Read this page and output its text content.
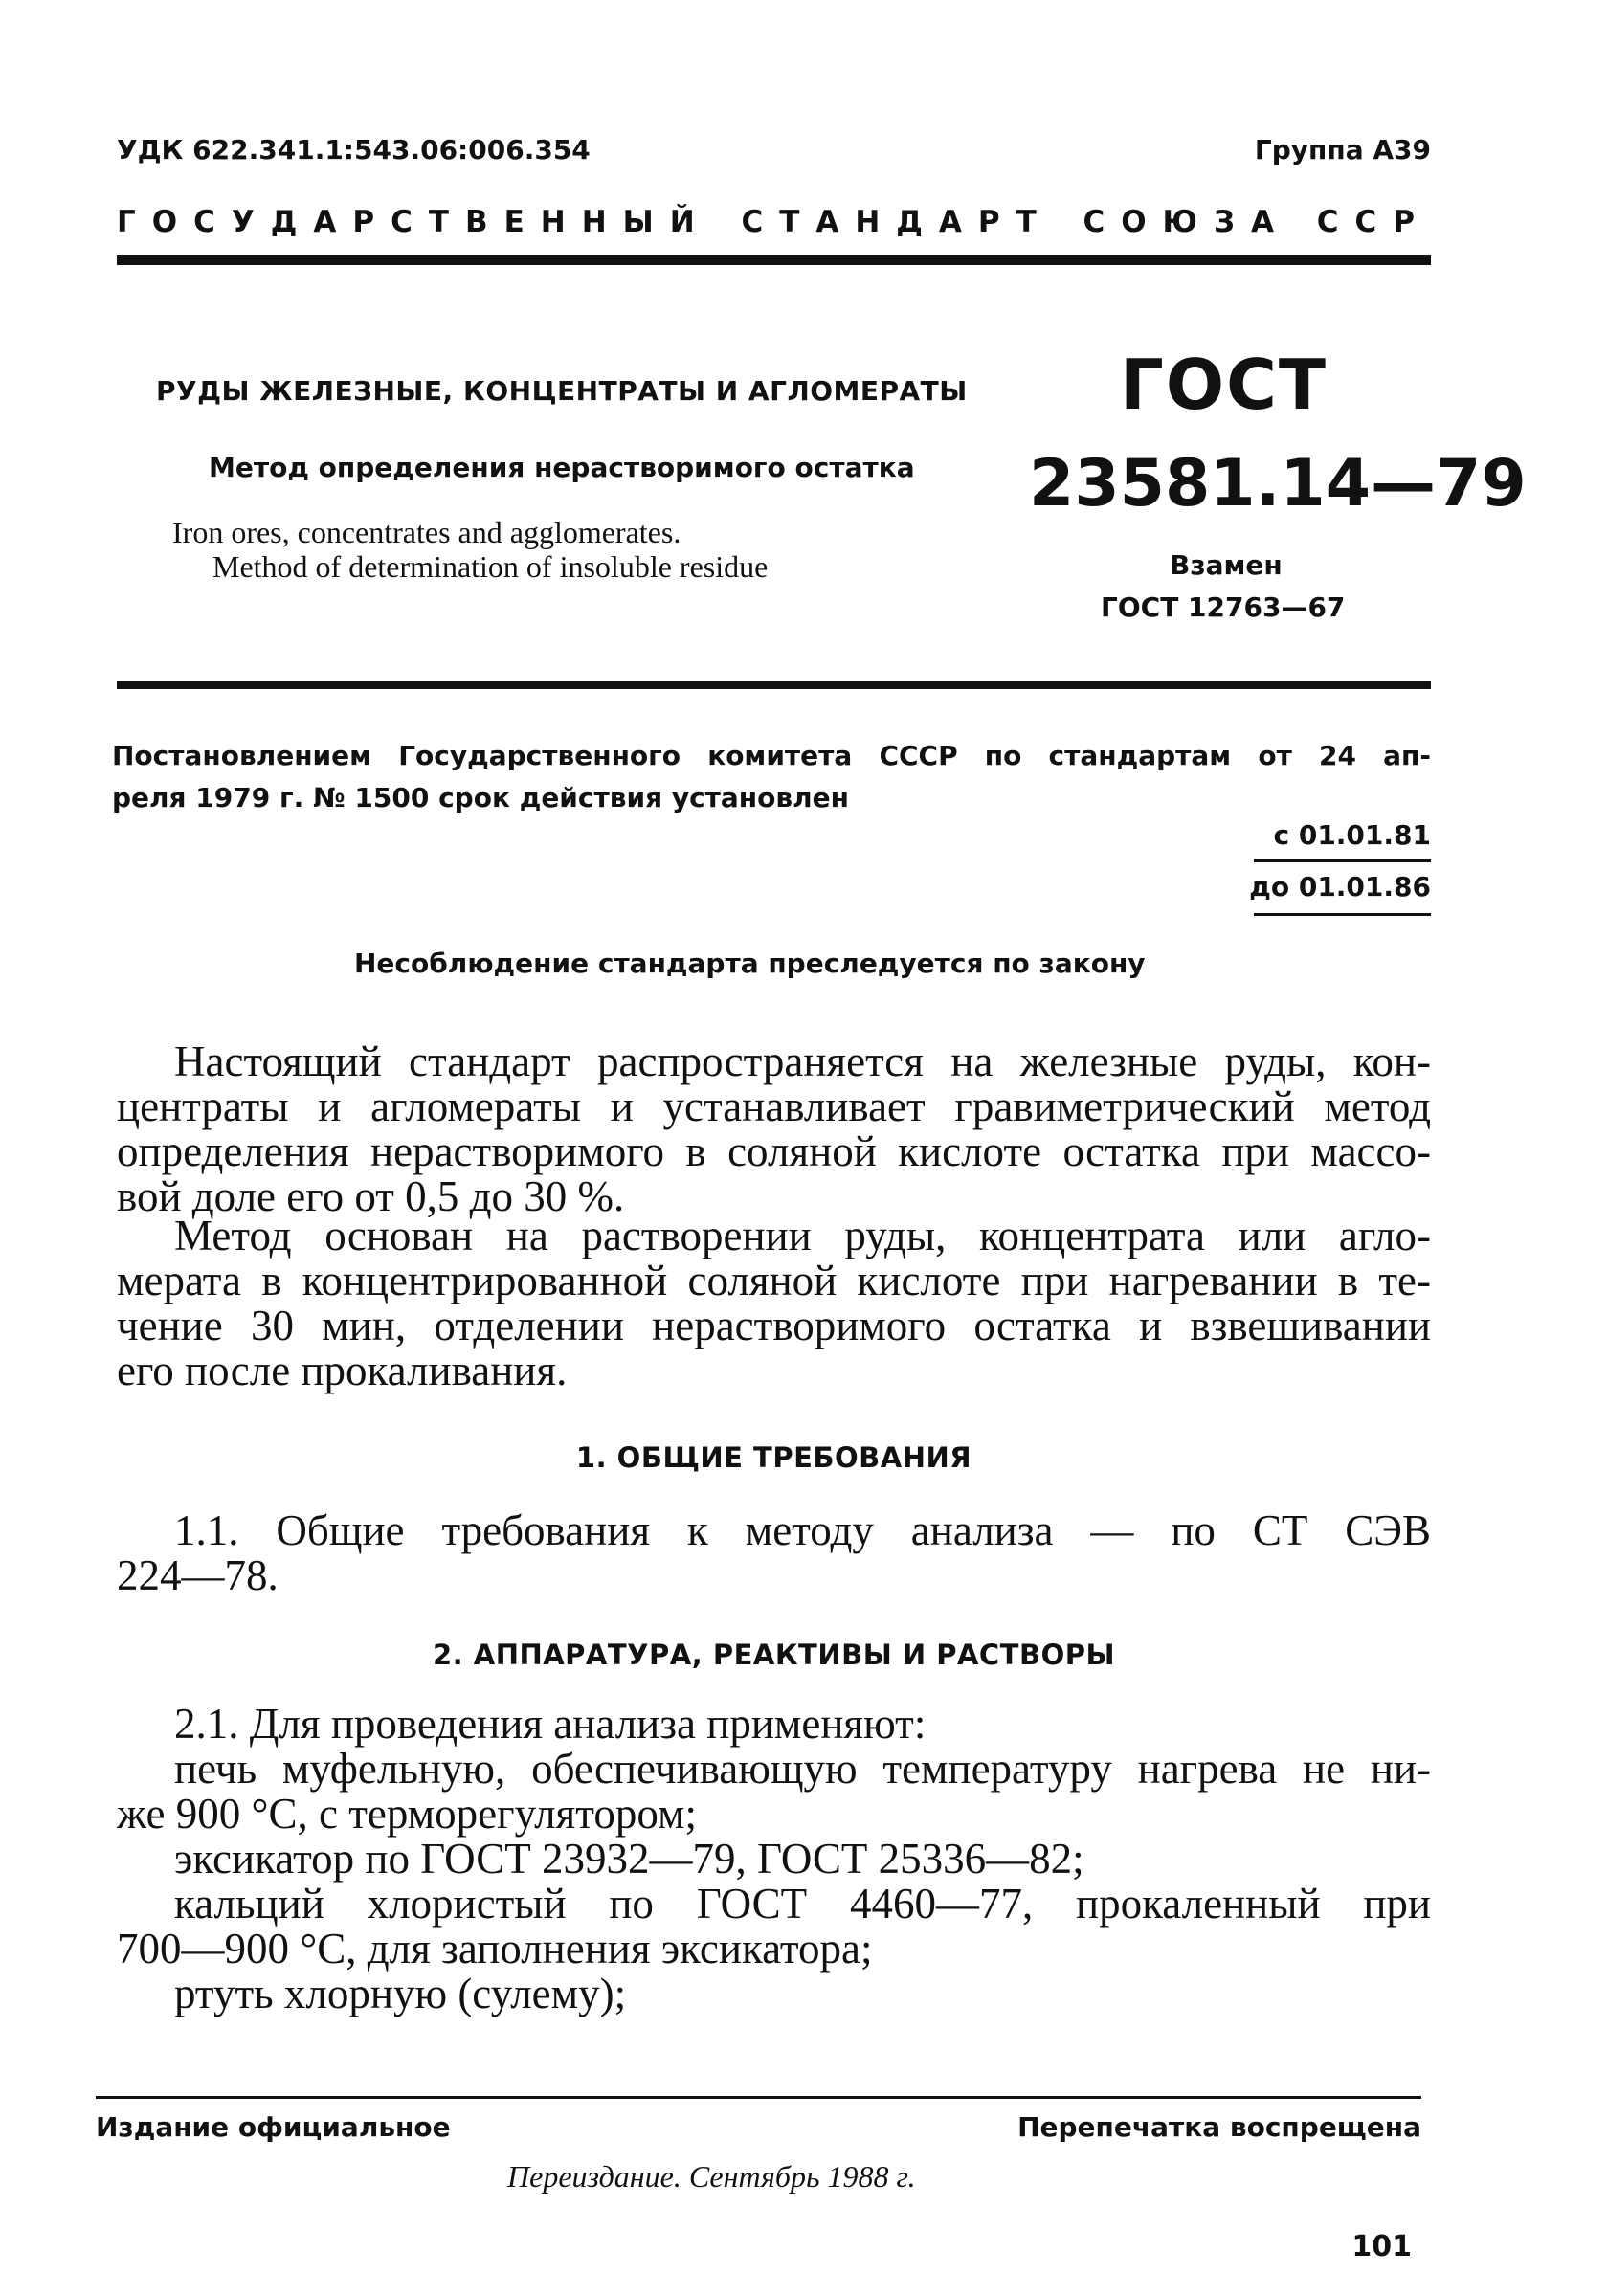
УДК 622.341.1:543.06:006.354	Группа А39
ГОСУДАРСТВЕННЫЙ СТАНДАРТ СОЮЗА ССР
РУДЫ ЖЕЛЕЗНЫЕ, КОНЦЕНТРАТЫ И АГЛОМЕРАТЫ
Метод определения нерастворимого остатка
Iron ores, concentrates and agglomerates.
Method of determination of insoluble residue
ГОСТ
23581.14—79
Взамен
ГОСТ 12763—67
Постановлением Государственного комитета СССР по стандартам от 24 ап-
реля 1979 г. № 1500 срок действия установлен
с 01.01.81
до 01.01.86
Несоблюдение стандарта преследуется по закону
Настоящий стандарт распространяется на железные руды, кон-
центраты и агломераты и устанавливает гравиметрический метод
определения нерастворимого в соляной кислоте остатка при массо-
вой доле его от 0,5 до 30 %.
Метод основан на растворении руды, концентрата или агло-
мерата в концентрированной соляной кислоте при нагревании в те-
чение 30 мин, отделении нерастворимого остатка и взвешивании
его после прокаливания.
1. ОБЩИЕ ТРЕБОВАНИЯ
1.1. Общие требования к методу анализа — по СТ СЭВ
224—78.
2. АППАРАТУРА, РЕАКТИВЫ И РАСТВОРЫ
2.1. Для проведения анализа применяют:
печь муфельную, обеспечивающую температуру нагрева не ни-
же 900 °С, с терморегулятором;
эксикатор по ГОСТ 23932—79, ГОСТ 25336—82;
кальций хлористый по ГОСТ 4460—77, прокаленный при
700—900 °С, для заполнения эксикатора;
ртуть хлорную (сулему);
Издание официальное	Перепечатка воспрещена
Переиздание. Сентябрь 1988 г.
101
